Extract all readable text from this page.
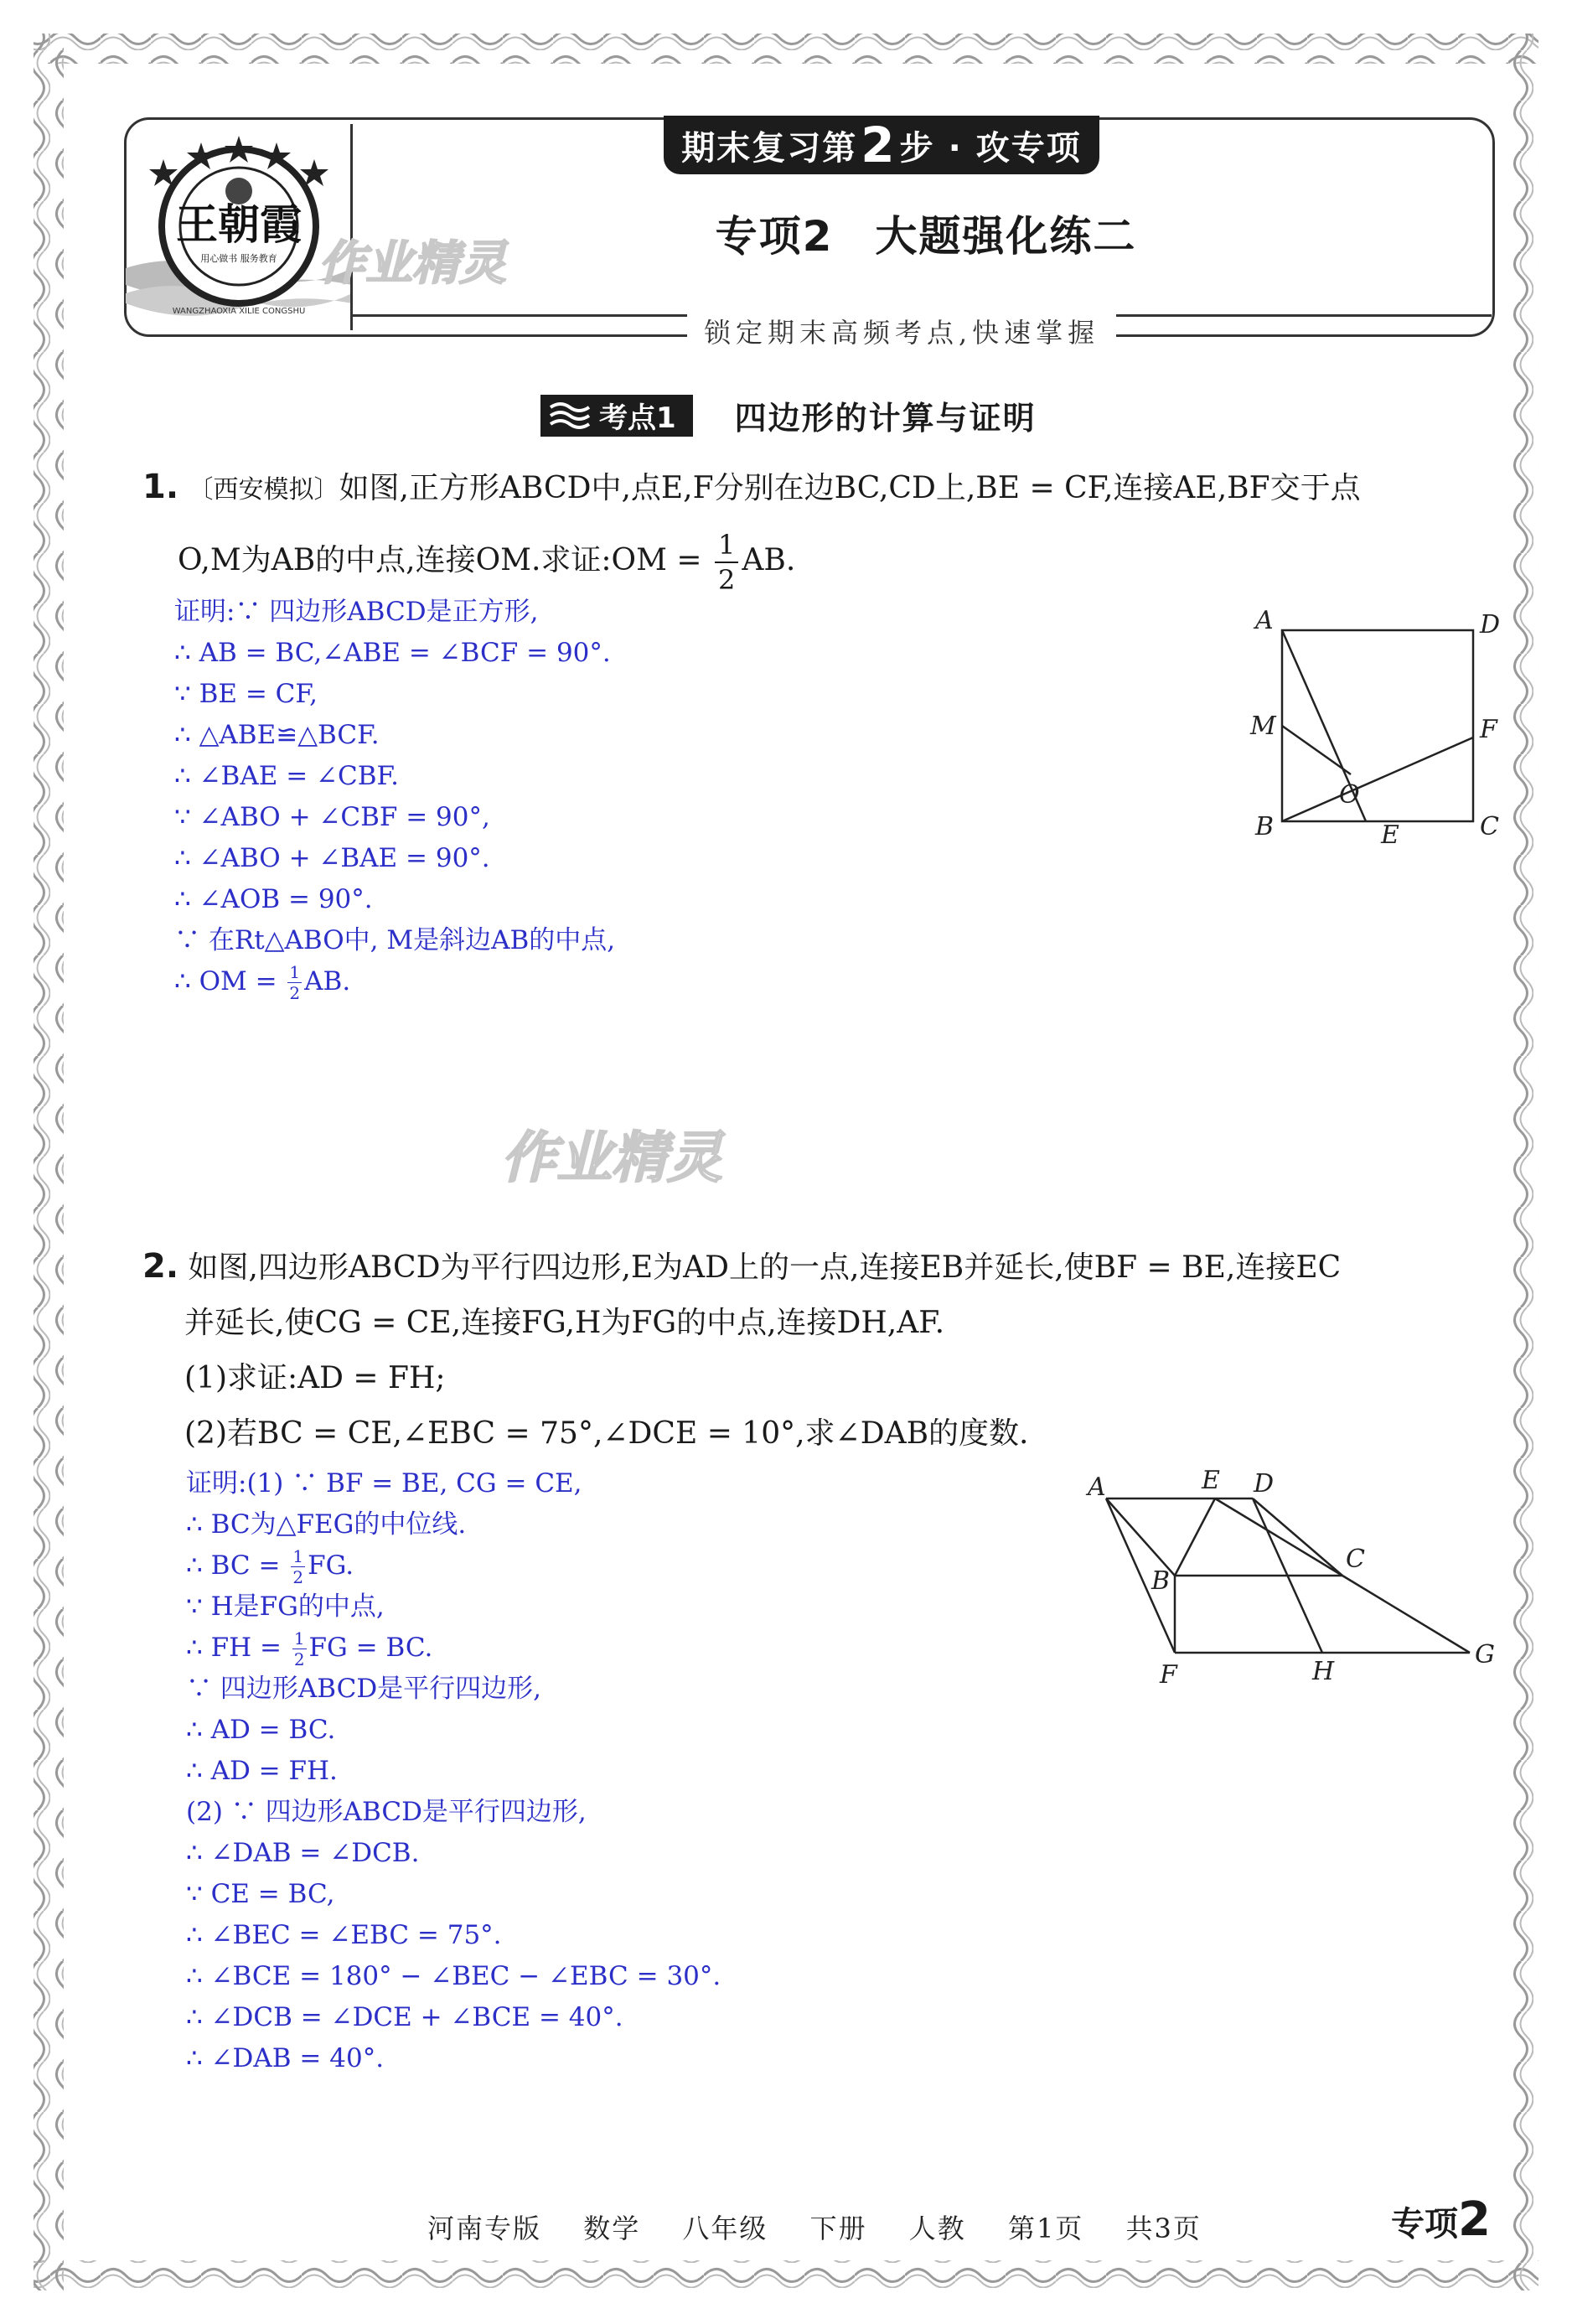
王朝霞
用心做书 服务教育
WANGZHAOXIA XILIE CONGSHU
期末复习第 2 步 · 攻专项
专项2 大题强化练二
锁定期末高频考点,快速掌握
作业精灵
作业精灵
考点1 四边形的计算与证明
1. 〔西安模拟〕如图,正方形ABCD中,点E,F分别在边BC,CD上,BE = CF,连接AE,BF交于点
O,M为AB的中点,连接OM.求证:OM = $\frac{1}{2}$ AB.
证明:∵ 四边形ABCD是正方形,
∴ AB = BC,∠ABE = ∠BCF = 90°.
∵ BE = CF,
∴ △ABE≌△BCF.
∴ ∠BAE = ∠CBF.
∵ ∠ABO + ∠CBF = 90°,
∴ ∠ABO + ∠BAE = 90°.
∴ ∠AOB = 90°.
∵ 在Rt△ABO中, M是斜边AB的中点,
∴ OM = $\frac{1}{2}$ AB.
A	D
M	F
O
B	E	C
2. 如图,四边形ABCD为平行四边形,E为AD上的一点,连接EB并延长,使BF = BE,连接EC
并延长,使CG = CE,连接FG,H为FG的中点,连接DH,AF.
(1)求证:AD = FH;
(2)若BC = CE,∠EBC = 75°,∠DCE = 10°,求∠DAB的度数.
证明:(1) ∵ BF = BE, CG = CE,
∴ BC为△FEG的中位线.
∴ BC = $\frac{1}{2}$ FG.
∵ H是FG的中点,
∴ FH = $\frac{1}{2}$ FG = BC.
∵ 四边形ABCD是平行四边形,
∴ AD = BC.
∴ AD = FH.
(2) ∵ 四边形ABCD是平行四边形,
∴ ∠DAB = ∠DCB.
∵ CE = BC,
∴ ∠BEC = ∠EBC = 75°.
∴ ∠BCE = 180° − ∠BEC − ∠EBC = 30°.
∴ ∠DCB = ∠DCE + ∠BCE = 40°.
∴ ∠DAB = 40°.
A	E D
B
C
F	H
G
河南专版 数学 八年级 下册 人教 第1页 共3页	专项2
